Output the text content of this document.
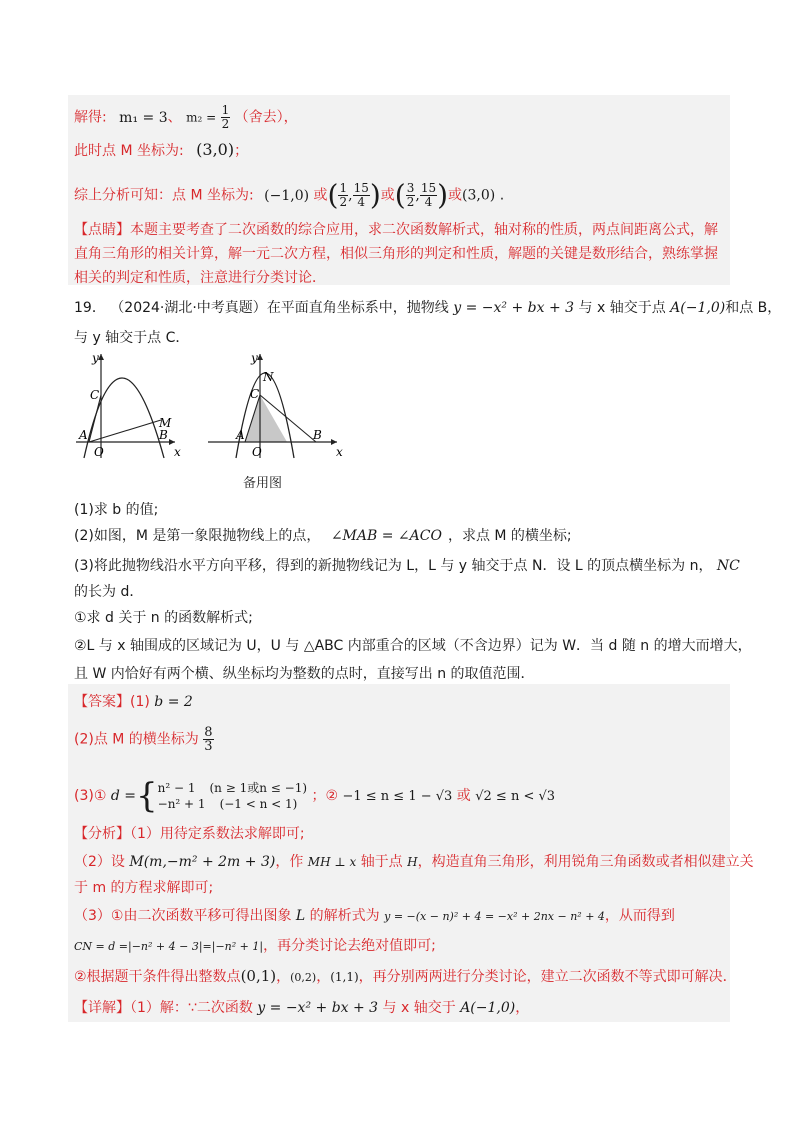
解得: m₁ = 3、 $m_2 = \frac{1}{2}$ （舍去），
此时点 M 坐标为: (3,0)；
综上分析可知：点 M 坐标为: (−1,0) 或( $\frac{1}{2}$ , $\frac{15}{4}$ )或( $\frac{3}{2}$ , $\frac{15}{4}$ )或(3,0) .
【点睛】本题主要考查了二次函数的综合应用，求二次函数解析式，轴对称的性质，两点间距离公式，解
直角三角形的相关计算，解一元二次方程，相似三角形的判定和性质，解题的关键是数形结合，熟练掌握
相关的判定和性质，注意进行分类讨论．
19． （2024·湖北·中考真题）在平面直角坐标系中，抛物线 y = −x² + bx + 3 与 x 轴交于点 A(−1,0)和点 B，
与 y 轴交于点 C．
y
x
O
A	B
C
M
y
x
O
A	B
C
N
备用图
(1)求 b 的值;
(2)如图，M 是第一象限抛物线上的点， ∠MAB = ∠ACO ，求点 M 的横坐标;
(3)将此抛物线沿水平方向平移，得到的新抛物线记为 L，L 与 y 轴交于点 N．设 L 的顶点横坐标为 n， NC
的长为 d．
①求 d 关于 n 的函数解析式;
②L 与 x 轴围成的区域记为 U，U 与 △ABC 内部重合的区域（不含边界）记为 W．当 d 随 n 的增大而增大，
且 W 内恰好有两个横、纵坐标均为整数的点时，直接写出 n 的取值范围．
【答案】(1) b = 2
(2)点 M 的横坐标为 $\frac{8}{3}$
(3)① d ={ n² − 1 (n ≥ 1或n ≤ −1)
−n² + 1 (−1 < n < 1)	；② −1 ≤ n ≤ 1 − √3 或 √2 ≤ n < √3
【分析】（1）用待定系数法求解即可;
（2）设 M(m,−m² + 2m + 3)，作 MH ⊥ x 轴于点 H，构造直角三角形，利用锐角三角函数或者相似建立关
于 m 的方程求解即可;
（3）①由二次函数平移可得出图象 L 的解析式为 y = −(x − n)² + 4 = −x² + 2nx − n² + 4，从而得到
CN = d =|−n² + 4 − 3|=|−n² + 1|，再分类讨论去绝对值即可;
②根据题干条件得出整数点(0,1)，(0,2)，(1,1)，再分别两两进行分类讨论，建立二次函数不等式即可解决．
【详解】（1）解：∵二次函数 y = −x² + bx + 3 与 x 轴交于 A(−1,0)，
